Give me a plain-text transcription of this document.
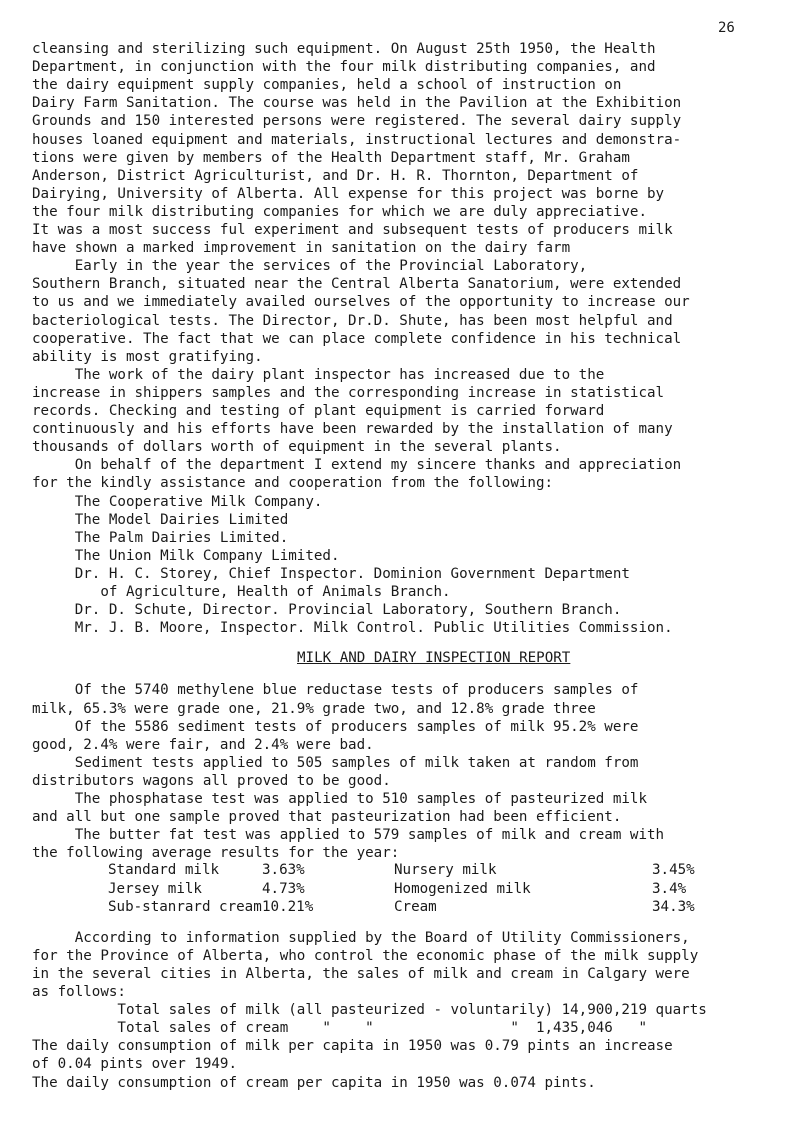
26
cleansing and sterilizing such equipment. On August 25th 1950, the Health
Department, in conjunction with the four milk distributing companies, and
the dairy equipment supply companies, held a school of instruction on
Dairy Farm Sanitation. The course was held in the Pavilion at the Exhibition
Grounds and 150 interested persons were registered. The several dairy supply
houses loaned equipment and materials, instructional lectures and demonstra-
tions were given by members of the Health Department staff, Mr. Graham
Anderson, District Agriculturist, and Dr. H. R. Thornton, Department of
Dairying, University of Alberta. All expense for this project was borne by
the four milk distributing companies for which we are duly appreciative.
It was a most success ful experiment and subsequent tests of producers milk
have shown a marked improvement in sanitation on the dairy farm
Early in the year the services of the Provincial Laboratory,
Southern Branch, situated near the Central Alberta Sanatorium, were extended
to us and we immediately availed ourselves of the opportunity to increase our
bacteriological tests. The Director, Dr.D. Shute, has been most helpful and
cooperative. The fact that we can place complete confidence in his technical
ability is most gratifying.
The work of the dairy plant inspector has increased due to the
increase in shippers samples and the corresponding increase in statistical
records. Checking and testing of plant equipment is carried forward
continuously and his efforts have been rewarded by the installation of many
thousands of dollars worth of equipment in the several plants.
On behalf of the department I extend my sincere thanks and appreciation
for the kindly assistance and cooperation from the following:
The Cooperative Milk Company.
The Model Dairies Limited
The Palm Dairies Limited.
The Union Milk Company Limited.
Dr. H. C. Storey, Chief Inspector. Dominion Government Department
of Agriculture, Health of Animals Branch.
Dr. D. Schute, Director. Provincial Laboratory, Southern Branch.
Mr. J. B. Moore, Inspector. Milk Control. Public Utilities Commission.
MILK AND DAIRY INSPECTION REPORT
Of the 5740 methylene blue reductase tests of producers samples of
milk, 65.3% were grade one, 21.9% grade two, and 12.8% grade three
Of the 5586 sediment tests of producers samples of milk 95.2% were
good, 2.4% were fair, and 2.4% were bad.
Sediment tests applied to 505 samples of milk taken at random from
distributors wagons all proved to be good.
The phosphatase test was applied to 510 samples of pasteurized milk
and all but one sample proved that pasteurization had been efficient.
The butter fat test was applied to 579 samples of milk and cream with
the following average results for the year:
Standard milk	3.63%	Nursery milk	3.45%
Jersey milk	4.73%	Homogenized milk	3.4%
Sub-stanrard cream 10.21%	Cream	34.3%
According to information supplied by the Board of Utility Commissioners,
for the Province of Alberta, who control the economic phase of the milk supply
in the several cities in Alberta, the sales of milk and cream in Calgary were
as follows:
Total sales of milk (all pasteurized - voluntarily) 14,900,219 quarts
Total sales of cream    "    "                "  1,435,046   "
The daily consumption of milk per capita in 1950 was 0.79 pints an increase
of 0.04 pints over 1949.
The daily consumption of cream per capita in 1950 was 0.074 pints.
